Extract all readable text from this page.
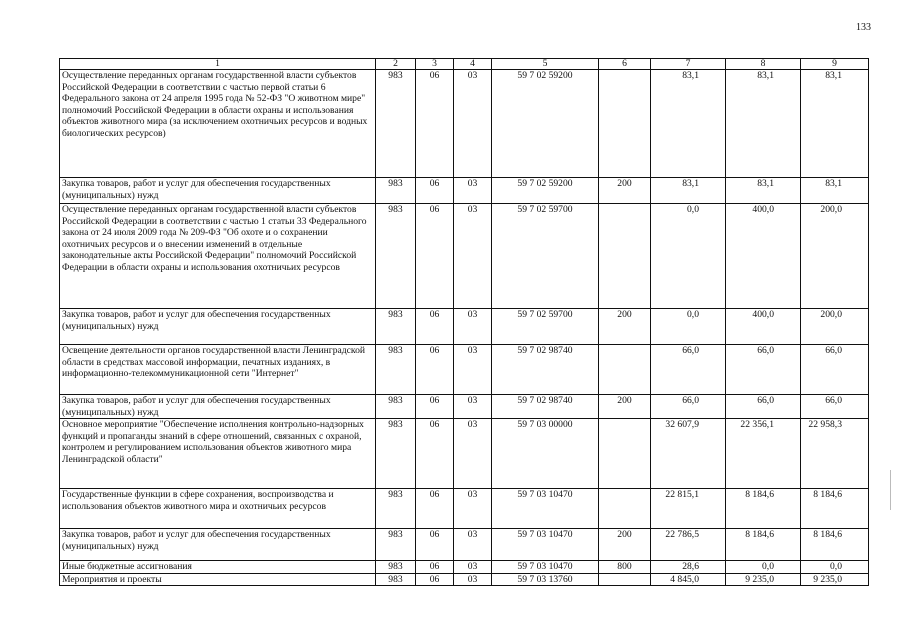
133
1	2	3	4	5	6	7	8	9
Осуществление переданных органам государственной власти субъектов Российской Федерации в соответствии с частью первой статьи 6 Федерального закона от 24 апреля 1995 года № 52-ФЗ "О животном мире" полномочий Российской Федерации в области охраны и использования объектов животного мира (за исключением охотничьих ресурсов и водных биологических ресурсов)	983	06	03	59 7 02 59200		83,1	83,1	83,1
Закупка товаров, работ и услуг для обеспечения государственных (муниципальных) нужд	983	06	03	59 7 02 59200	200	83,1	83,1	83,1
Осуществление переданных органам государственной власти субъектов Российской Федерации в соответствии с частью 1 статьи 33 Федерального закона от 24 июля 2009 года № 209-ФЗ "Об охоте и о сохранении охотничьих ресурсов и о внесении изменений в отдельные законодательные акты Российской Федерации" полномочий Российской Федерации в области охраны и использования охотничьих ресурсов	983	06	03	59 7 02 59700		0,0	400,0	200,0
Закупка товаров, работ и услуг для обеспечения государственных (муниципальных) нужд	983	06	03	59 7 02 59700	200	0,0	400,0	200,0
Освещение деятельности органов государственной власти Ленинградской области в средствах массовой информации, печатных изданиях, в информационно-телекоммуникационной сети "Интернет"	983	06	03	59 7 02 98740		66,0	66,0	66,0
Закупка товаров, работ и услуг для обеспечения государственных (муниципальных) нужд	983	06	03	59 7 02 98740	200	66,0	66,0	66,0
Основное мероприятие "Обеспечение исполнения контрольно-надзорных функций и пропаганды знаний в сфере отношений, связанных с охраной, контролем и регулированием использования объектов животного мира Ленинградской области"	983	06	03	59 7 03 00000		32 607,9	22 356,1	22 958,3
Государственные функции в сфере сохранения, воспроизводства и использования объектов животного мира и охотничьих ресурсов	983	06	03	59 7 03 10470		22 815,1	8 184,6	8 184,6
Закупка товаров, работ и услуг для обеспечения государственных (муниципальных) нужд	983	06	03	59 7 03 10470	200	22 786,5	8 184,6	8 184,6
Иные бюджетные ассигнования	983	06	03	59 7 03 10470	800	28,6	0,0	0,0
Мероприятия и проекты	983	06	03	59 7 03 13760		4 845,0	9 235,0	9 235,0
